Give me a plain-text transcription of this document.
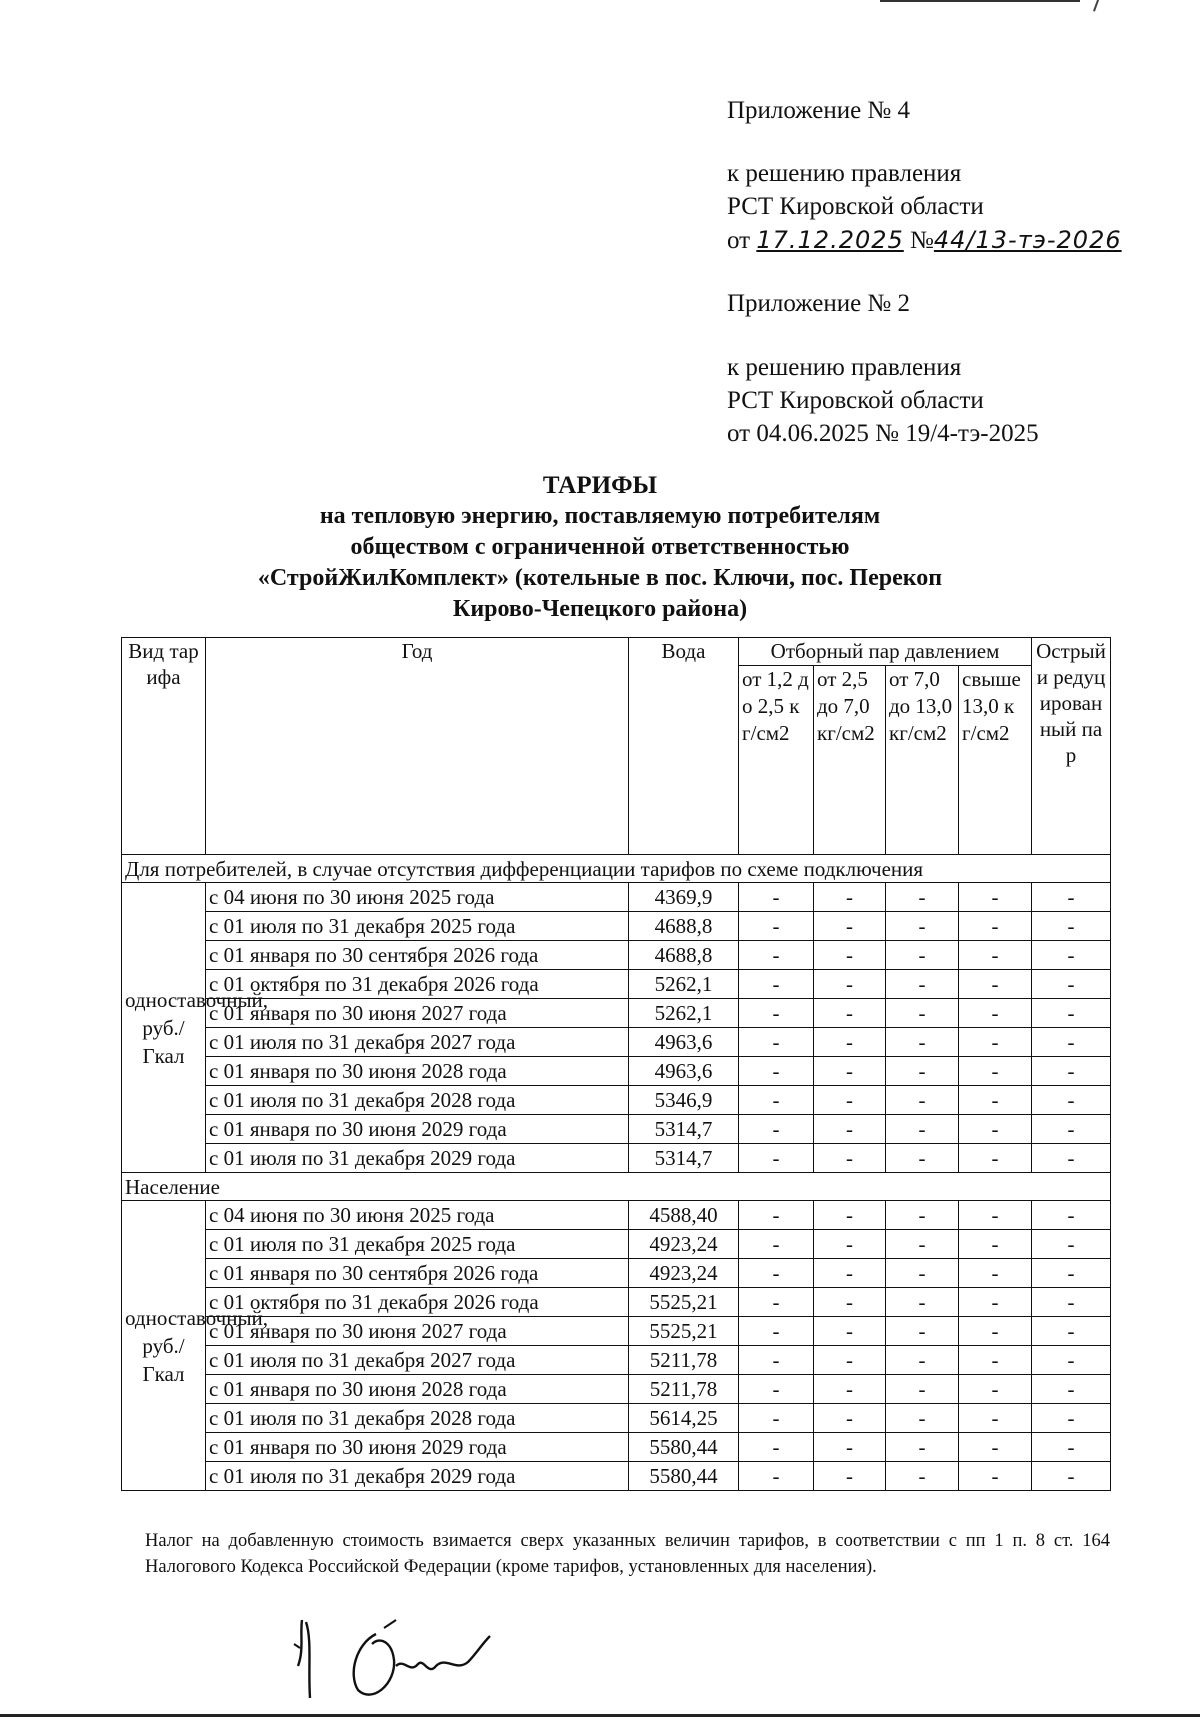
Приложение № 4
к решению правления
РСТ Кировской области
от 17.12.2025 №44/13-тэ-2026
Приложение № 2
к решению правления
РСТ Кировской области
от 04.06.2025 № 19/4-тэ-2025
ТАРИФЫ
на тепловую энергию, поставляемую потребителям
обществом с ограниченной ответственностью
«СтройЖилКомплект» (котельные в пос. Ключи, пос. Перекоп
Кирово-Чепецкого района)
Вид тарифа	Год	Вода	Отборный пар давлением				Острый и редуцированный пар
			от 1,2 до 2,5 кг/см2	от 2,5 до 7,0 кг/см2	от 7,0 до 13,0 кг/см2	свыше 13,0 кг/см2	
Для потребителей, в случае отсутствия дифференциации тарифов по схеме подключения							
одноставочный, руб./Гкал	с 04 июня по 30 июня 2025 года	4369,9	-	-	-	-	-
	с 01 июля по 31 декабря 2025 года	4688,8	-	-	-	-	-
	с 01 января по 30 сентября 2026 года	4688,8	-	-	-	-	-
	с 01 октября по 31 декабря 2026 года	5262,1	-	-	-	-	-
	с 01 января по 30 июня 2027 года	5262,1	-	-	-	-	-
	с 01 июля по 31 декабря 2027 года	4963,6	-	-	-	-	-
	с 01 января по 30 июня 2028 года	4963,6	-	-	-	-	-
	с 01 июля по 31 декабря 2028 года	5346,9	-	-	-	-	-
	с 01 января по 30 июня 2029 года	5314,7	-	-	-	-	-
	с 01 июля по 31 декабря 2029 года	5314,7	-	-	-	-	-
Население							
одноставочный, руб./Гкал	с 04 июня по 30 июня 2025 года	4588,40	-	-	-	-	-
	с 01 июля по 31 декабря 2025 года	4923,24	-	-	-	-	-
	с 01 января по 30 сентября 2026 года	4923,24	-	-	-	-	-
	с 01 октября по 31 декабря 2026 года	5525,21	-	-	-	-	-
	с 01 января по 30 июня 2027 года	5525,21	-	-	-	-	-
	с 01 июля по 31 декабря 2027 года	5211,78	-	-	-	-	-
	с 01 января по 30 июня 2028 года	5211,78	-	-	-	-	-
	с 01 июля по 31 декабря 2028 года	5614,25	-	-	-	-	-
	с 01 января по 30 июня 2029 года	5580,44	-	-	-	-	-
	с 01 июля по 31 декабря 2029 года	5580,44	-	-	-	-	-
Налог на добавленную стоимость взимается сверх указанных величин тарифов, в соответствии с пп 1 п. 8 ст. 164 Налогового Кодекса Российской Федерации (кроме тарифов, установленных для населения).
